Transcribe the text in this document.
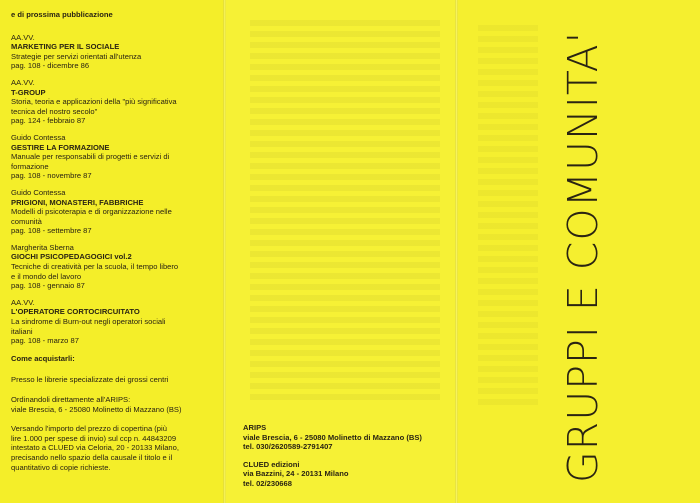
e di prossima pubblicazione
AA.VV.
MARKETING PER IL SOCIALE
Strategie per servizi orientati all'utenza
pag. 108 - dicembre 86
AA.VV.
T-GROUP
Storia, teoria e applicazioni della "più significativa
tecnica del nostro secolo"
pag. 124 - febbraio 87
Guido Contessa
GESTIRE LA FORMAZIONE
Manuale per responsabili di progetti e servizi di
formazione
pag. 108 - novembre 87
Guido Contessa
PRIGIONI, MONASTERI, FABBRICHE
Modelli di psicoterapia e di organizzazione nelle
comunità
pag. 108 - settembre 87
Margherita Sberna
GIOCHI PSICOPEDAGOGICI vol.2
Tecniche di creatività per la scuola, il tempo libero
e il mondo del lavoro
pag. 108 - gennaio 87
AA.VV.
L'OPERATORE CORTOCIRCUITATO
La sindrome di Burn-out negli operatori sociali
italiani
pag. 108 - marzo 87
Come acquistarli:
Presso le librerie specializzate dei grossi centri
Ordinandoli direttamente all'ARIPS:
viale Brescia, 6 - 25080 Molinetto di Mazzano (BS)
Versando l'importo del prezzo di copertina (più
lire 1.000 per spese di invio) sul ccp n. 44843209
intestato a CLUED via Celoria, 20 - 20133 Milano,
precisando nello spazio della causale il titolo e il
quantitativo di copie richieste.
ARIPS
viale Brescia, 6 - 25080 Molinetto di Mazzano (BS)
tel. 030/2620589-2791407
CLUED edizioni
via Bazzini, 24 - 20131 Milano
tel. 02/230668
GRUPPI E COMUNITA'
